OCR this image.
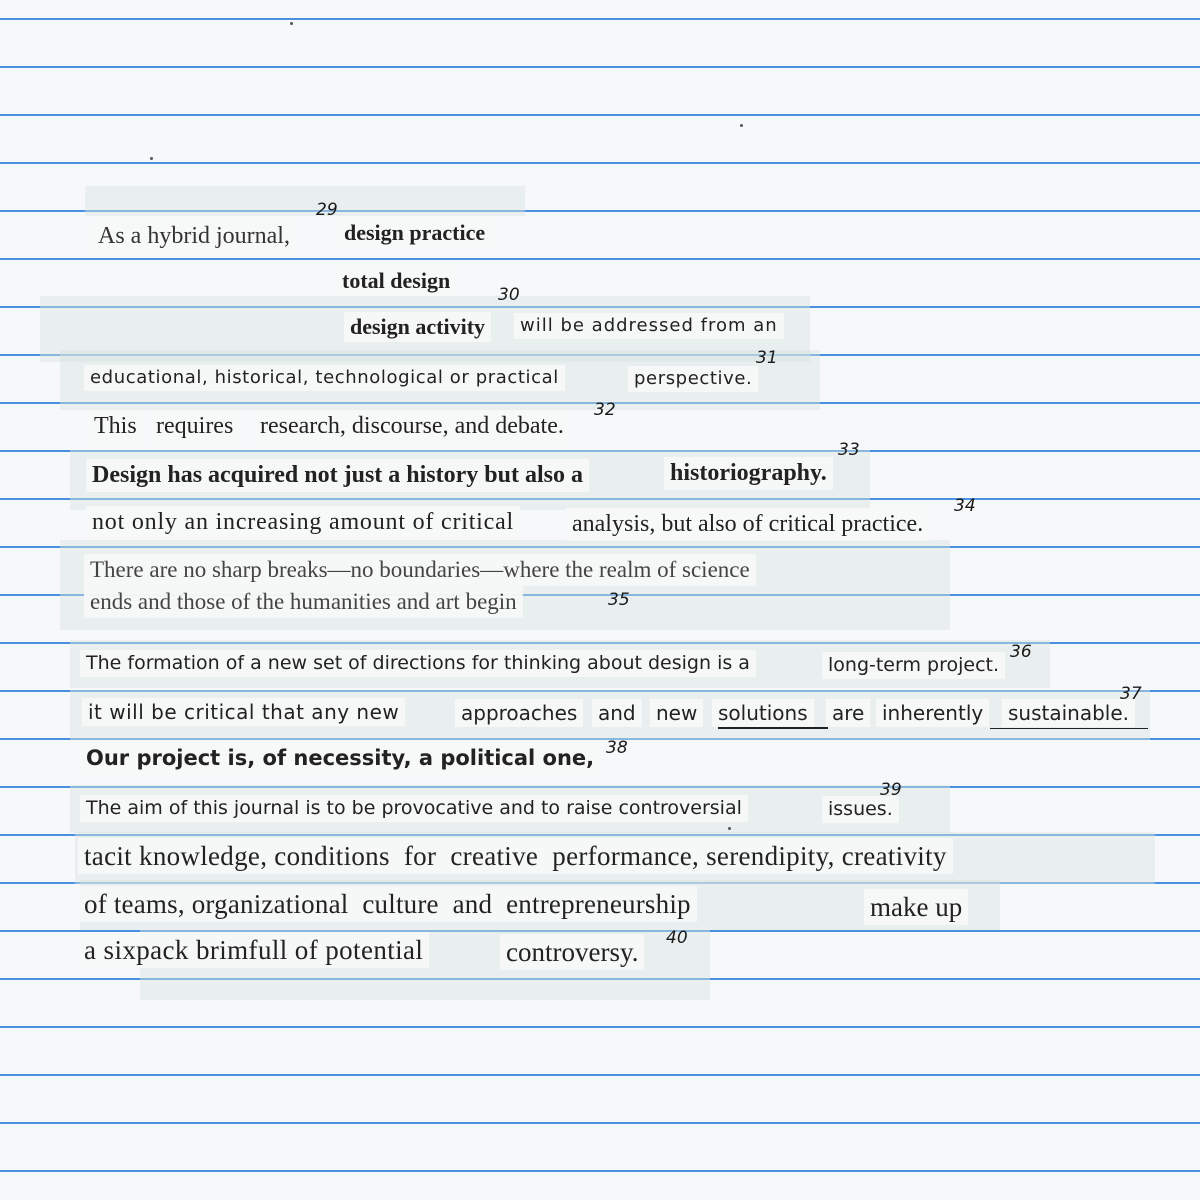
As a hybrid journal, design practice
29
total design
design activity	will be addressed from an
30
educational, historical, technological or practical	perspective.
31
This requires research, discourse, and debate.
32
Design has acquired not just a history but also a	historiography.
33
not only an increasing amount of critical analysis, but also of critical practice.
34
There are no sharp breaks—no boundaries—where the realm of science
ends and those of the humanities and art begin	35
The formation of a new set of directions for thinking about design is a	long-term project.
36
it will be critical that any new	approaches	and	new	solutions	are inherently	sustainable.
37
Our project is, of necessity, a political one, 38
The aim of this journal is to be provocative and to raise controversial	issues.
39
tacit knowledge, conditions  for  creative  performance, serendipity, creativity
of teams, organizational  culture  and  entrepreneurship	make up
a sixpack brimfull of potential	controversy.	40
